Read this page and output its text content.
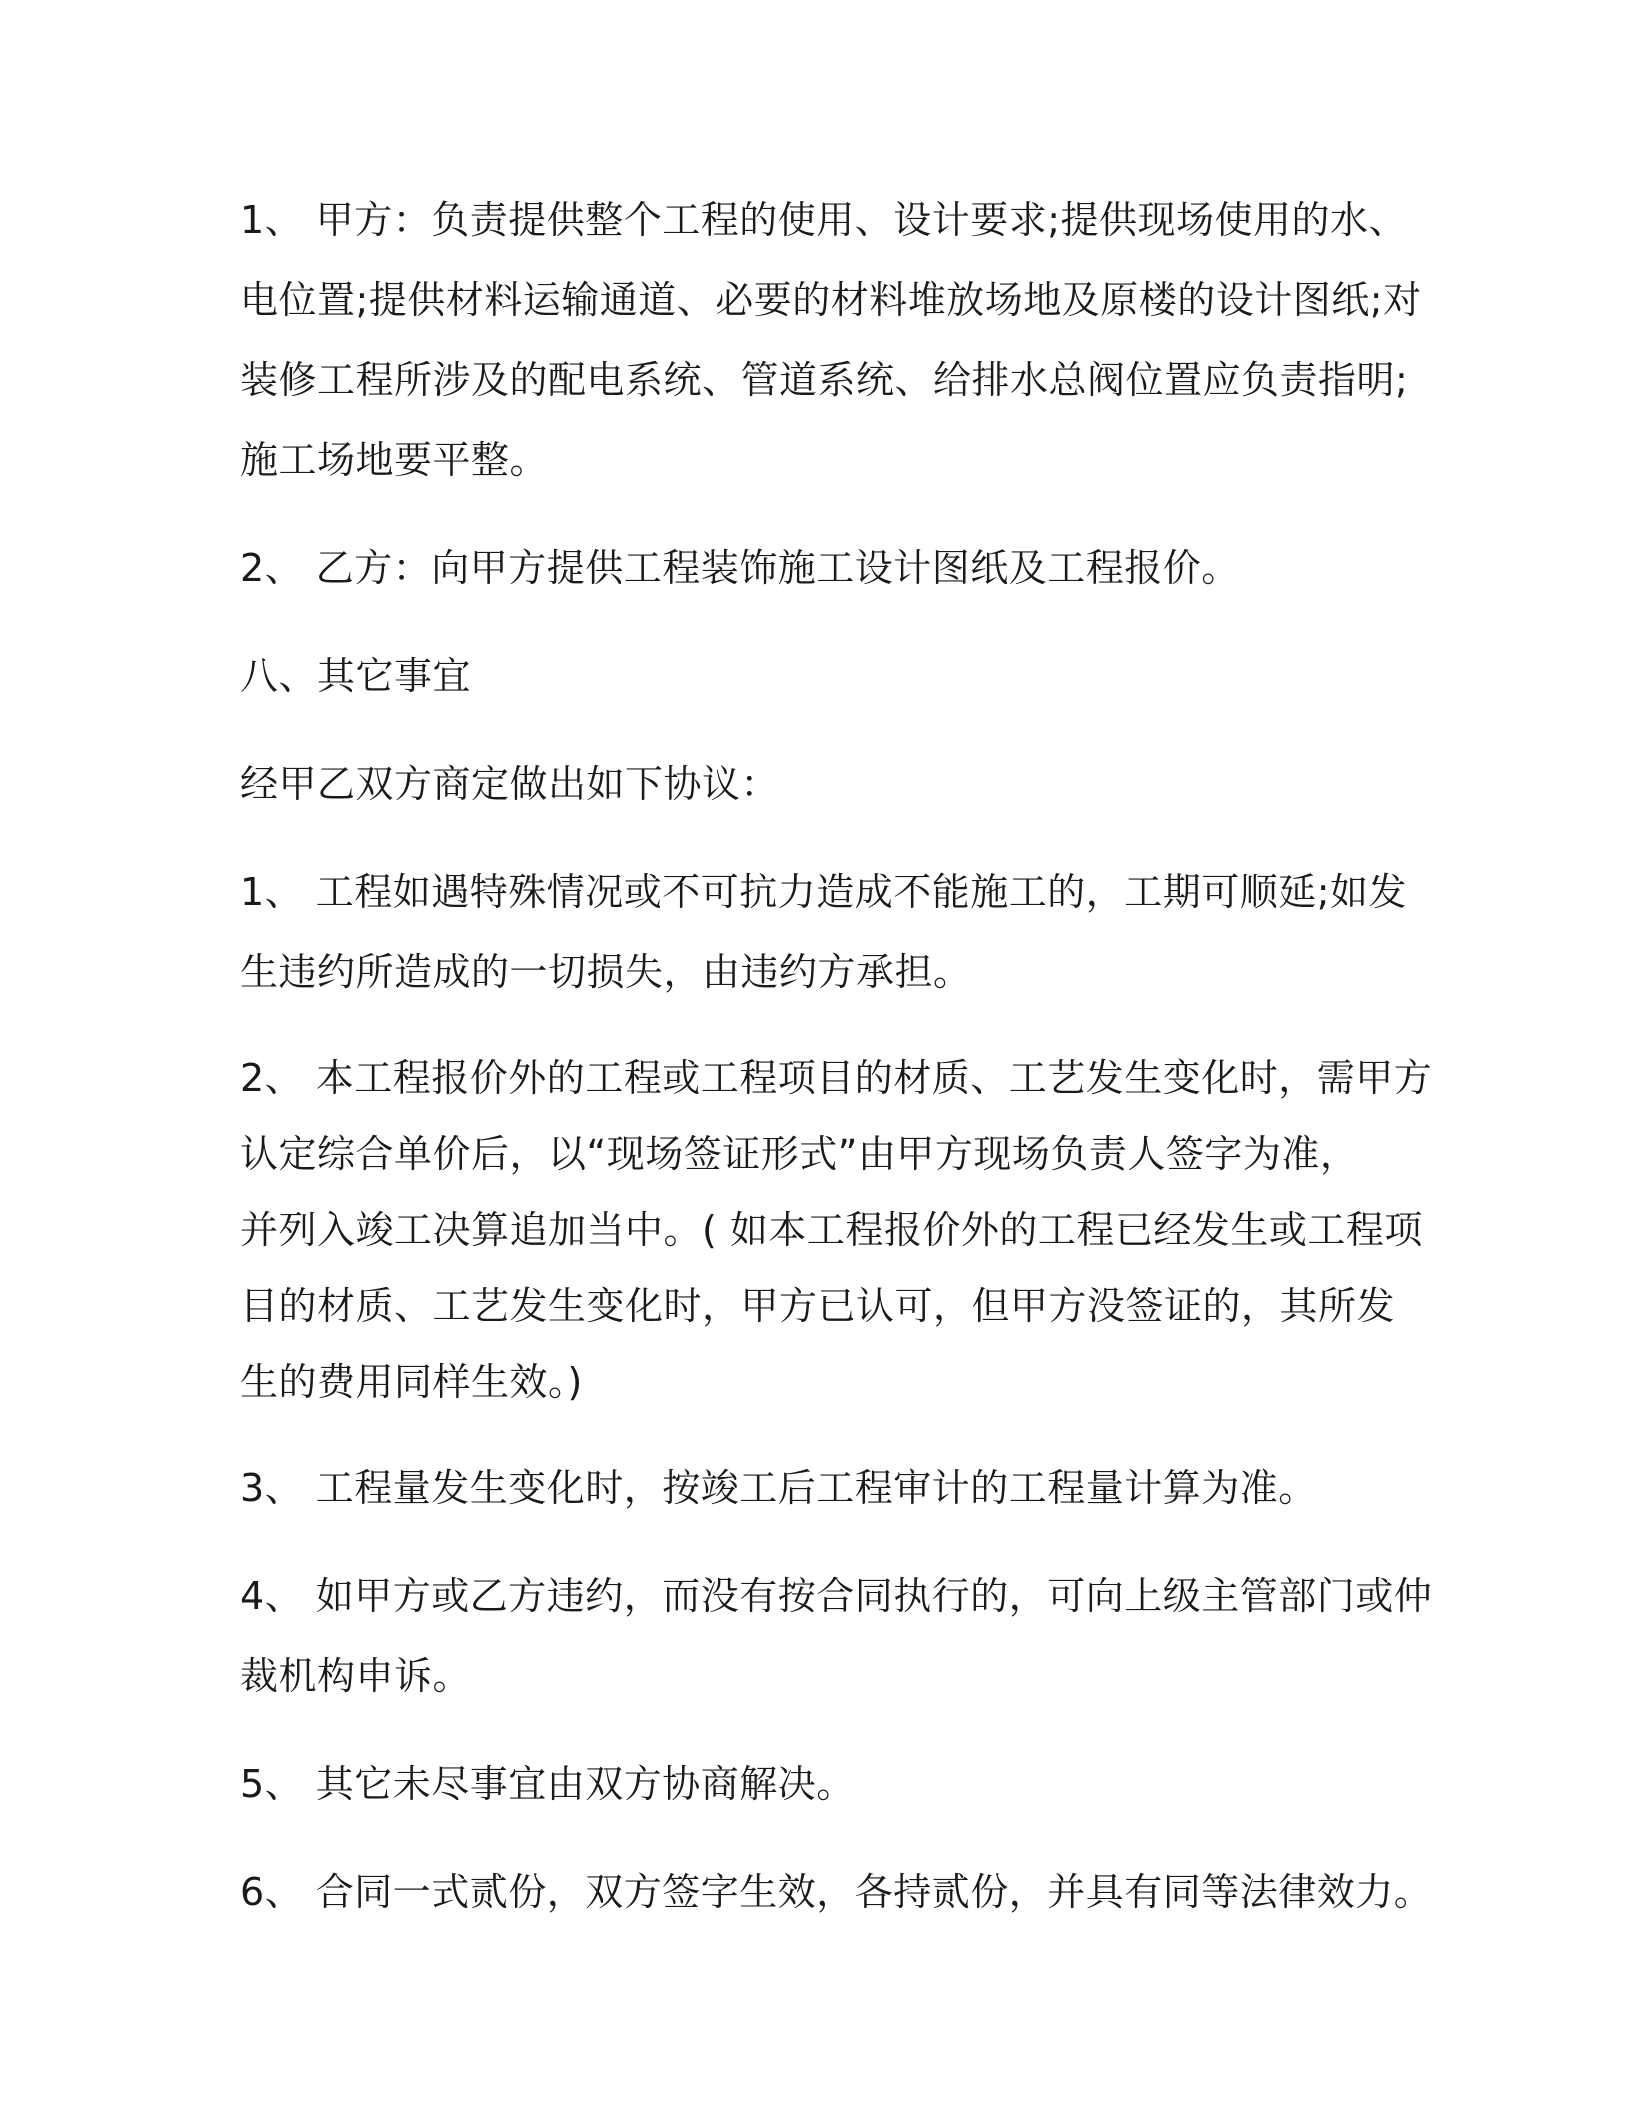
1、 甲方：负责提供整个工程的使用、设计要求;提供现场使用的水、
电位置;提供材料运输通道、必要的材料堆放场地及原楼的设计图纸;对
装修工程所涉及的配电系统、管道系统、给排水总阀位置应负责指明;
施工场地要平整。
2、 乙方：向甲方提供工程装饰施工设计图纸及工程报价。
八、其它事宜
经甲乙双方商定做出如下协议：
1、 工程如遇特殊情况或不可抗力造成不能施工的，工期可顺延;如发
生违约所造成的一切损失，由违约方承担。
2、 本工程报价外的工程或工程项目的材质、工艺发生变化时，需甲方
认定综合单价后，以“现场签证形式”由甲方现场负责人签字为准，
并列入竣工决算追加当中。( 如本工程报价外的工程已经发生或工程项
目的材质、工艺发生变化时，甲方已认可，但甲方没签证的，其所发
生的费用同样生效。)
3、 工程量发生变化时，按竣工后工程审计的工程量计算为准。
4、 如甲方或乙方违约，而没有按合同执行的，可向上级主管部门或仲
裁机构申诉。
5、 其它未尽事宜由双方协商解决。
6、 合同一式贰份，双方签字生效，各持贰份，并具有同等法律效力。
